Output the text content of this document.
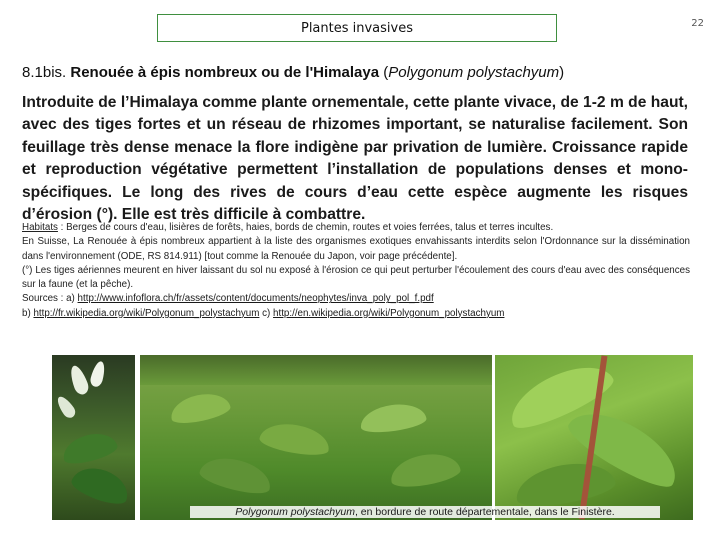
Plantes invasives	22
8.1bis. Renouée à épis nombreux ou de l'Himalaya (Polygonum polystachyum)
Introduite de l’Himalaya comme plante ornementale, cette plante vivace, de 1-2 m de haut, avec des tiges fortes et un réseau de rhizomes important, se naturalise facilement. Son feuillage très dense menace la flore indigène par privation de lumière. Croissance rapide et reproduction végétative permettent l’installation de populations denses et mono-spécifiques. Le long des rives de cours d’eau cette espèce augmente les risques d’érosion (°). Elle est très difficile à combattre.

Habitats : Berges de cours d'eau, lisières de forêts, haies, bords de chemin, routes et voies ferrées, talus et terres incultes.

En Suisse, La Renouée à épis nombreux appartient à la liste des organismes exotiques envahissants interdits selon l'Ordonnance sur la dissémination dans l'environnement (ODE, RS 814.911) [tout comme la Renouée du Japon, voir page précédente].

(°) Les tiges aériennes meurent en hiver laissant du sol nu exposé à l'érosion ce qui peut perturber l'écoulement des cours d'eau avec des conséquences sur la faune (et la pêche).

Sources : a) http://www.infoflora.ch/fr/assets/content/documents/neophytes/inva_poly_pol_f.pdf

b) http://fr.wikipedia.org/wiki/Polygonum_polystachyum c) http://en.wikipedia.org/wiki/Polygonum_polystachyum

Polygonum polystachyum, en bordure de route départementale, dans le Finistère.
